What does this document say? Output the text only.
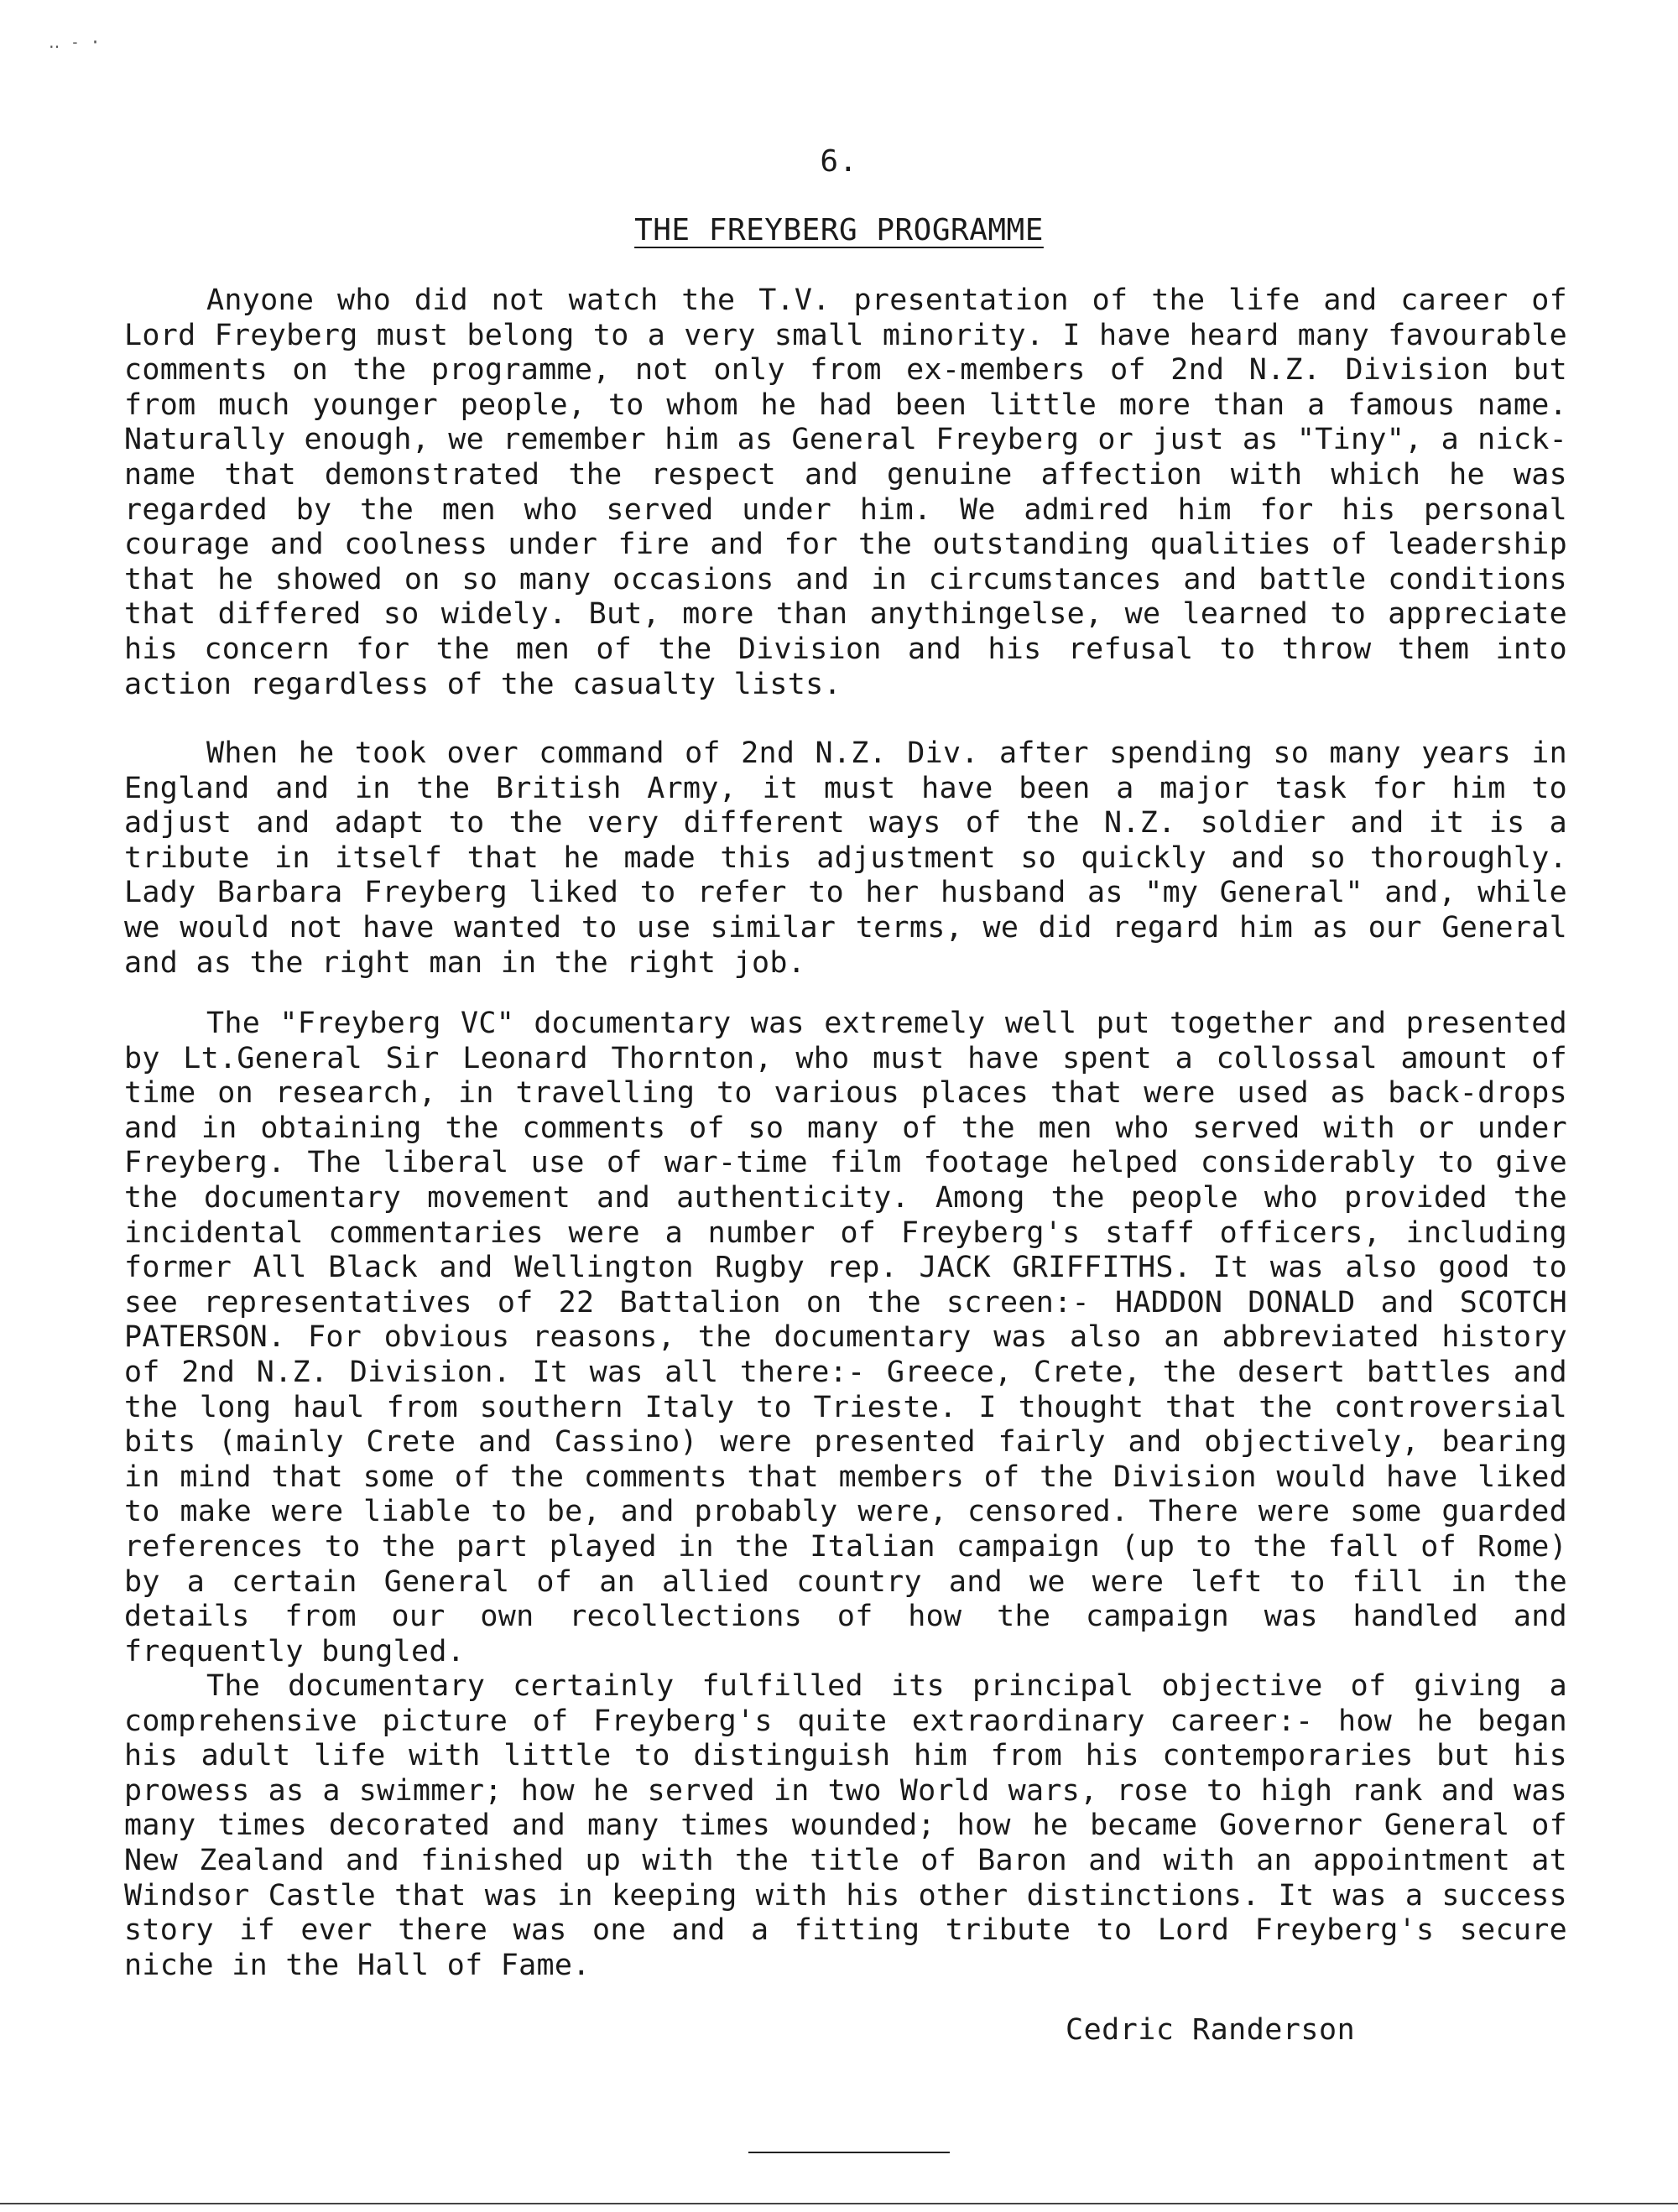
‥ ˗ ·
6.
THE FREYBERG PROGRAMME

Anyone who did not watch the T.V. presentation of the life and career of Lord Freyberg must belong to a very small minority. I have heard many favourable comments on the programme, not only from ex-members of 2nd N.Z. Division but from much younger people, to whom he had been little more than a famous name. Naturally enough, we remember him as General Freyberg or just as "Tiny", a nick-name that demonstrated the respect and genuine affection with which he was regarded by the men who served under him. We admired him for his personal courage and coolness under fire and for the outstanding qualities of leadership that he showed on so many occasions and in circumstances and battle conditions that differed so widely. But, more than anythingelse, we learned to appreciate his concern for the men of the Division and his refusal to throw them into action regardless of the casualty lists.

When he took over command of 2nd N.Z. Div. after spending so many years in England and in the British Army, it must have been a major task for him to adjust and adapt to the very different ways of the N.Z. soldier and it is a tribute in itself that he made this adjustment so quickly and so thoroughly. Lady Barbara Freyberg liked to refer to her husband as "my General" and, while we would not have wanted to use similar terms, we did regard him as our General and as the right man in the right job.

The "Freyberg VC" documentary was extremely well put together and presented by Lt.General Sir Leonard Thornton, who must have spent a collossal amount of time on research, in travelling to various places that were used as back-drops and in obtaining the comments of so many of the men who served with or under Freyberg. The liberal use of war-time film footage helped considerably to give the documentary movement and authenticity. Among the people who provided the incidental commentaries were a number of Freyberg's staff officers, including former All Black and Wellington Rugby rep. JACK GRIFFITHS. It was also good to see representatives of 22 Battalion on the screen:- HADDON DONALD and SCOTCH PATERSON. For obvious reasons, the documentary was also an abbreviated history of 2nd N.Z. Division. It was all there:- Greece, Crete, the desert battles and the long haul from southern Italy to Trieste. I thought that the controversial bits (mainly Crete and Cassino) were presented fairly and objectively, bearing in mind that some of the comments that members of the Division would have liked to make were liable to be, and probably were, censored. There were some guarded references to the part played in the Italian campaign (up to the fall of Rome) by a certain General of an allied country and we were left to fill in the details from our own recollections of how the campaign was handled and frequently bungled.

The documentary certainly fulfilled its principal objective of giving a comprehensive picture of Freyberg's quite extraordinary career:- how he began his adult life with little to distinguish him from his contemporaries but his prowess as a swimmer; how he served in two World wars, rose to high rank and was many times decorated and many times wounded; how he became Governor General of New Zealand and finished up with the title of Baron and with an appointment at Windsor Castle that was in keeping with his other distinctions. It was a success story if ever there was one and a fitting tribute to Lord Freyberg's secure niche in the Hall of Fame.

Cedric Randerson
